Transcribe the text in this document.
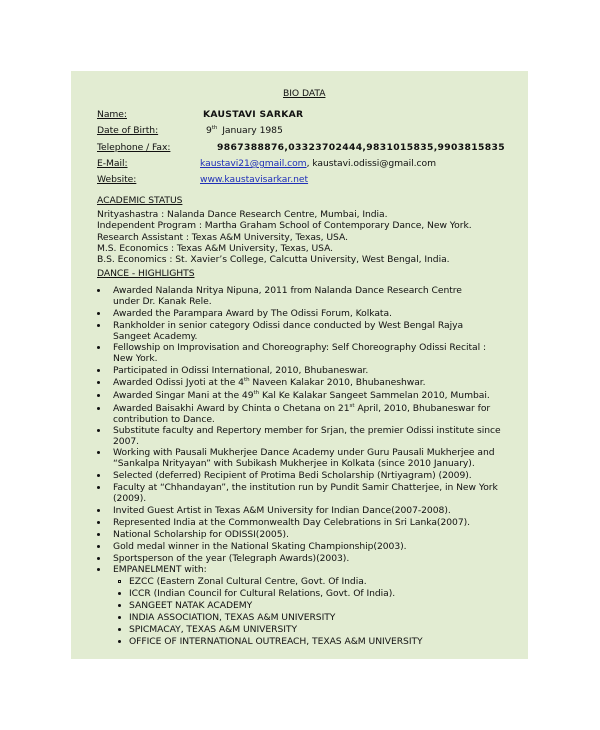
BIO DATA
Name:	KAUSTAVI SARKAR
Date of Birth:	9th January 1985
Telephone / Fax:	9867388876,03323702444,9831015835,9903815835
E-Mail:	kaustavi21@gmail.com, kaustavi.odissi@gmail.com
Website:	www.kaustavisarkar.net
ACADEMIC STATUS
Nrityashastra : Nalanda Dance Research Centre, Mumbai, India.
Independent Program : Martha Graham School of Contemporary Dance, New York.
Research Assistant : Texas A&M University, Texas, USA.
M.S. Economics : Texas A&M University, Texas, USA.
B.S. Economics : St. Xavier’s College, Calcutta University, West Bengal, India.
DANCE - HIGHLIGHTS
Awarded Nalanda Nritya Nipuna, 2011 from Nalanda Dance Research Centre
under Dr. Kanak Rele.
Awarded the Parampara Award by The Odissi Forum, Kolkata.
Rankholder in senior category Odissi dance conducted by West Bengal Rajya
Sangeet Academy.
Fellowship on Improvisation and Choreography: Self Choreography Odissi Recital :
New York.
Participated in Odissi International, 2010, Bhubaneswar.
Awarded Odissi Jyoti at the 4th Naveen Kalakar 2010, Bhubaneshwar.
Awarded Singar Mani at the 49th Kal Ke Kalakar Sangeet Sammelan 2010, Mumbai.
Awarded Baisakhi Award by Chinta o Chetana on 21st April, 2010, Bhubaneswar for
contribution to Dance.
Substitute faculty and Repertory member for Srjan, the premier Odissi institute since
2007.
Working with Pausali Mukherjee Dance Academy under Guru Pausali Mukherjee and
“Sankalpa Nrityayan” with Subikash Mukherjee in Kolkata (since 2010 January).
Selected (deferred) Recipient of Protima Bedi Scholarship (Nrtiyagram) (2009).
Faculty at “Chhandayan”, the institution run by Pundit Samir Chatterjee, in New York
(2009).
Invited Guest Artist in Texas A&M University for Indian Dance(2007-2008).
Represented India at the Commonwealth Day Celebrations in Sri Lanka(2007).
National Scholarship for ODISSI(2005).
Gold medal winner in the National Skating Championship(2003).
Sportsperson of the year (Telegraph Awards)(2003).
EMPANELMENT with:
EZCC (Eastern Zonal Cultural Centre, Govt. Of India.
ICCR (Indian Council for Cultural Relations, Govt. Of India).
SANGEET NATAK ACADEMY
INDIA ASSOCIATION, TEXAS A&M UNIVERSITY
SPICMACAY, TEXAS A&M UNIVERSITY
OFFICE OF INTERNATIONAL OUTREACH, TEXAS A&M UNIVERSITY
